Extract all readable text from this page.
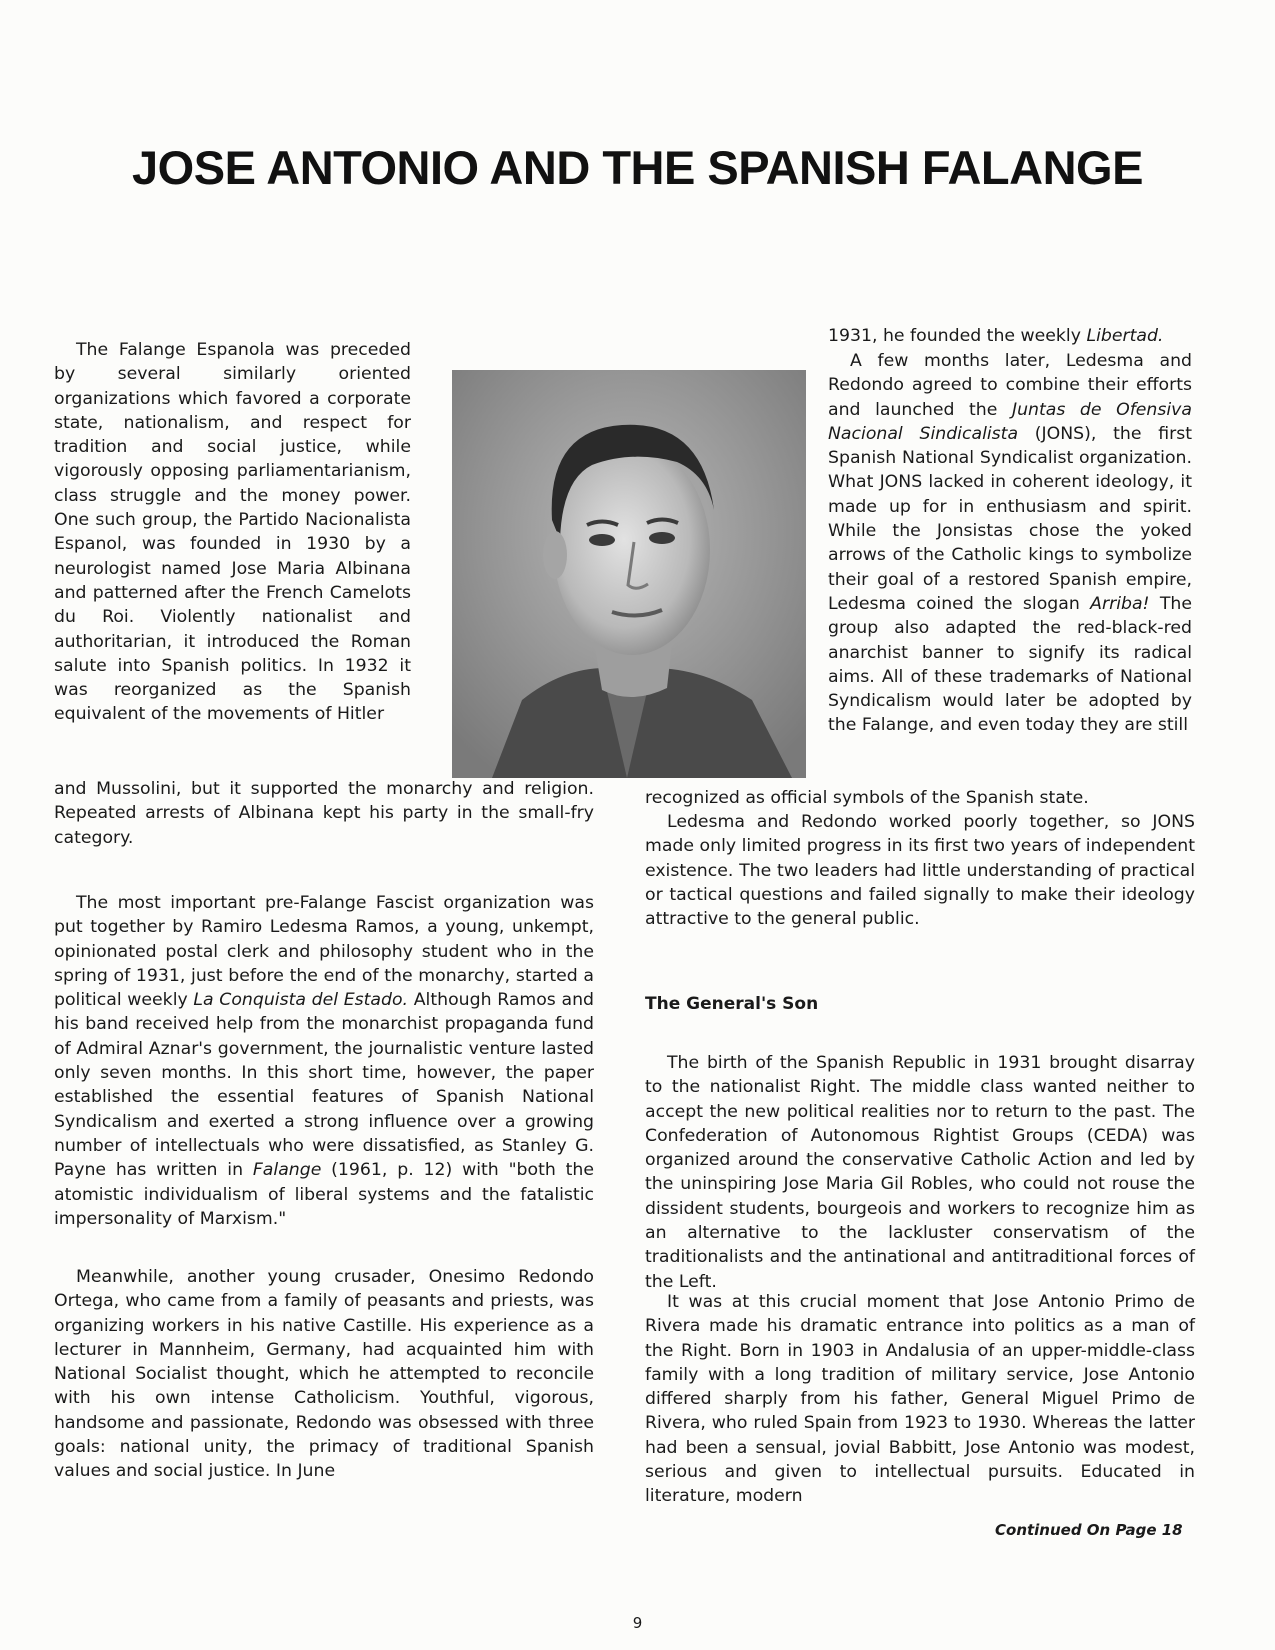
JOSE ANTONIO AND THE SPANISH FALANGE

The Falange Espanola was preceded by several similarly oriented organizations which favored a corporate state, nationalism, and respect for tradition and social justice, while vigorously opposing parliamentarianism, class struggle and the money power. One such group, the Partido Nacionalista Espanol, was founded in 1930 by a neurologist named Jose Maria Albinana and patterned after the French Camelots du Roi. Violently nationalist and authoritarian, it introduced the Roman salute into Spanish politics. In 1932 it was reorganized as the Spanish equivalent of the movements of Hitler

and Mussolini, but it supported the monarchy and religion. Repeated arrests of Albinana kept his party in the small-fry category.

The most important pre-Falange Fascist organization was put together by Ramiro Ledesma Ramos, a young, unkempt, opinionated postal clerk and philosophy student who in the spring of 1931, just before the end of the monarchy, started a political weekly La Conquista del Estado. Although Ramos and his band received help from the monarchist propaganda fund of Admiral Aznar's government, the journalistic venture lasted only seven months. In this short time, however, the paper established the essential features of Spanish National Syndicalism and exerted a strong influence over a growing number of intellectuals who were dissatisfied, as Stanley G. Payne has written in Falange (1961, p. 12) with "both the atomistic individualism of liberal systems and the fatalistic impersonality of Marxism."

Meanwhile, another young crusader, Onesimo Redondo Ortega, who came from a family of peasants and priests, was organizing workers in his native Castille. His experience as a lecturer in Mannheim, Germany, had acquainted him with National Socialist thought, which he attempted to reconcile with his own intense Catholicism. Youthful, vigorous, handsome and passionate, Redondo was obsessed with three goals: national unity, the primacy of traditional Spanish values and social justice. In June

1931, he founded the weekly Libertad.

A few months later, Ledesma and Redondo agreed to combine their efforts and launched the Juntas de Ofensiva Nacional Sindicalista (JONS), the first Spanish National Syndicalist organization. What JONS lacked in coherent ideology, it made up for in enthusiasm and spirit. While the Jonsistas chose the yoked arrows of the Catholic kings to symbolize their goal of a restored Spanish empire, Ledesma coined the slogan Arriba! The group also adapted the red-black-red anarchist banner to signify its radical aims. All of these trademarks of National Syndicalism would later be adopted by the Falange, and even today they are still

recognized as official symbols of the Spanish state.

Ledesma and Redondo worked poorly together, so JONS made only limited progress in its first two years of independent existence. The two leaders had little understanding of practical or tactical questions and failed signally to make their ideology attractive to the general public.

The General's Son

The birth of the Spanish Republic in 1931 brought disarray to the nationalist Right. The middle class wanted neither to accept the new political realities nor to return to the past. The Confederation of Autonomous Rightist Groups (CEDA) was organized around the conservative Catholic Action and led by the uninspiring Jose Maria Gil Robles, who could not rouse the dissident students, bourgeois and workers to recognize him as an alternative to the lackluster conservatism of the traditionalists and the antinational and antitraditional forces of the Left.

It was at this crucial moment that Jose Antonio Primo de Rivera made his dramatic entrance into politics as a man of the Right. Born in 1903 in Andalusia of an upper-middle-class family with a long tradition of military service, Jose Antonio differed sharply from his father, General Miguel Primo de Rivera, who ruled Spain from 1923 to 1930. Whereas the latter had been a sensual, jovial Babbitt, Jose Antonio was modest, serious and given to intellectual pursuits. Educated in literature, modern

Continued On Page 18
9
